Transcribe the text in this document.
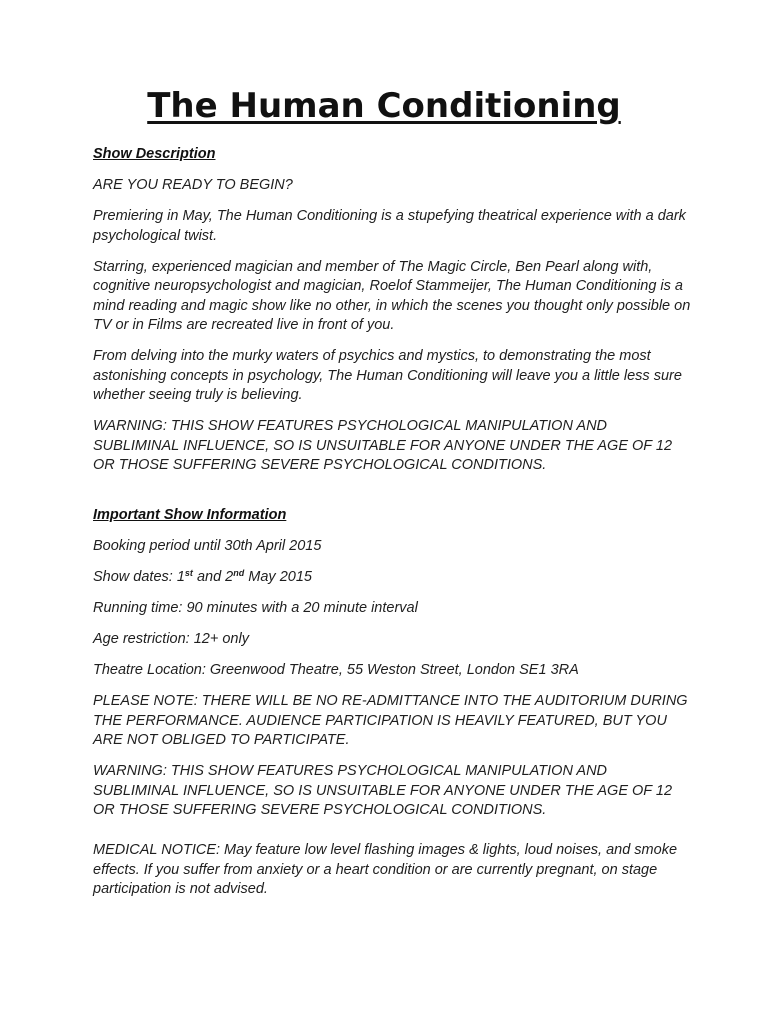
The Human Conditioning

Show Description

ARE YOU READY TO BEGIN?

Premiering in May, The Human Conditioning is a stupefying theatrical experience with a dark psychological twist.

Starring, experienced magician and member of The Magic Circle, Ben Pearl along with, cognitive neuropsychologist and magician, Roelof Stammeijer, The Human Conditioning is a mind reading and magic show like no other, in which the scenes you thought only possible on TV or in Films are recreated live in front of you.

From delving into the murky waters of psychics and mystics, to demonstrating the most astonishing concepts in psychology, The Human Conditioning will leave you a little less sure whether seeing truly is believing.

WARNING: THIS SHOW FEATURES PSYCHOLOGICAL MANIPULATION AND SUBLIMINAL INFLUENCE, SO IS UNSUITABLE FOR ANYONE UNDER THE AGE OF 12 OR THOSE SUFFERING SEVERE PSYCHOLOGICAL CONDITIONS.

Important Show Information

Booking period until 30th April 2015

Show dates: 1st and 2nd May 2015

Running time: 90 minutes with a 20 minute interval

Age restriction: 12+ only

Theatre Location: Greenwood Theatre, 55 Weston Street, London SE1 3RA

PLEASE NOTE: THERE WILL BE NO RE-ADMITTANCE INTO THE AUDITORIUM DURING THE PERFORMANCE. AUDIENCE PARTICIPATION IS HEAVILY FEATURED, BUT YOU ARE NOT OBLIGED TO PARTICIPATE.

WARNING: THIS SHOW FEATURES PSYCHOLOGICAL MANIPULATION AND SUBLIMINAL INFLUENCE, SO IS UNSUITABLE FOR ANYONE UNDER THE AGE OF 12 OR THOSE SUFFERING SEVERE PSYCHOLOGICAL CONDITIONS.

MEDICAL NOTICE: May feature low level flashing images & lights, loud noises, and smoke effects. If you suffer from anxiety or a heart condition or are currently pregnant, on stage participation is not advised.
